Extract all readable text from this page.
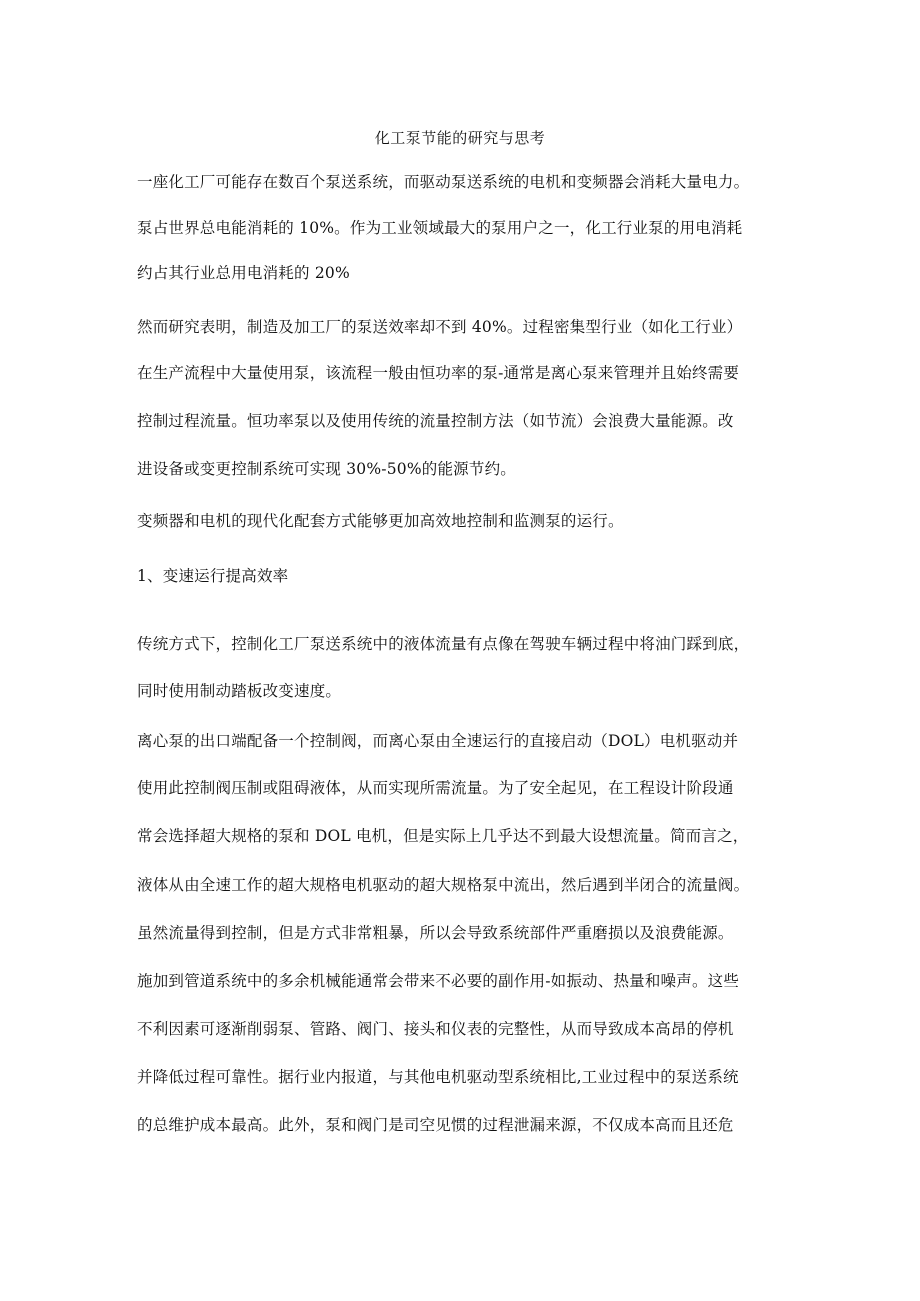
化工泵节能的研究与思考
一座化工厂可能存在数百个泵送系统，而驱动泵送系统的电机和变频器会消耗大量电力。
泵占世界总电能消耗的 10%。作为工业领域最大的泵用户之一，化工行业泵的用电消耗
约占其行业总用电消耗的 20%
然而研究表明，制造及加工厂的泵送效率却不到 40%。过程密集型行业（如化工行业）
在生产流程中大量使用泵，该流程一般由恒功率的泵-通常是离心泵来管理并且始终需要
控制过程流量。恒功率泵以及使用传统的流量控制方法（如节流）会浪费大量能源。改
进设备或变更控制系统可实现 30%-50%的能源节约。
变频器和电机的现代化配套方式能够更加高效地控制和监测泵的运行。
1、变速运行提高效率
传统方式下，控制化工厂泵送系统中的液体流量有点像在驾驶车辆过程中将油门踩到底，
同时使用制动踏板改变速度。
离心泵的出口端配备一个控制阀，而离心泵由全速运行的直接启动（DOL）电机驱动并
使用此控制阀压制或阻碍液体，从而实现所需流量。为了安全起见，在工程设计阶段通
常会选择超大规格的泵和 DOL 电机，但是实际上几乎达不到最大设想流量。简而言之，
液体从由全速工作的超大规格电机驱动的超大规格泵中流出，然后遇到半闭合的流量阀。
虽然流量得到控制，但是方式非常粗暴，所以会导致系统部件严重磨损以及浪费能源。
施加到管道系统中的多余机械能通常会带来不必要的副作用-如振动、热量和噪声。这些
不利因素可逐渐削弱泵、管路、阀门、接头和仪表的完整性，从而导致成本高昂的停机
并降低过程可靠性。据行业内报道，与其他电机驱动型系统相比,工业过程中的泵送系统
的总维护成本最高。此外，泵和阀门是司空见惯的过程泄漏来源，不仅成本高而且还危
